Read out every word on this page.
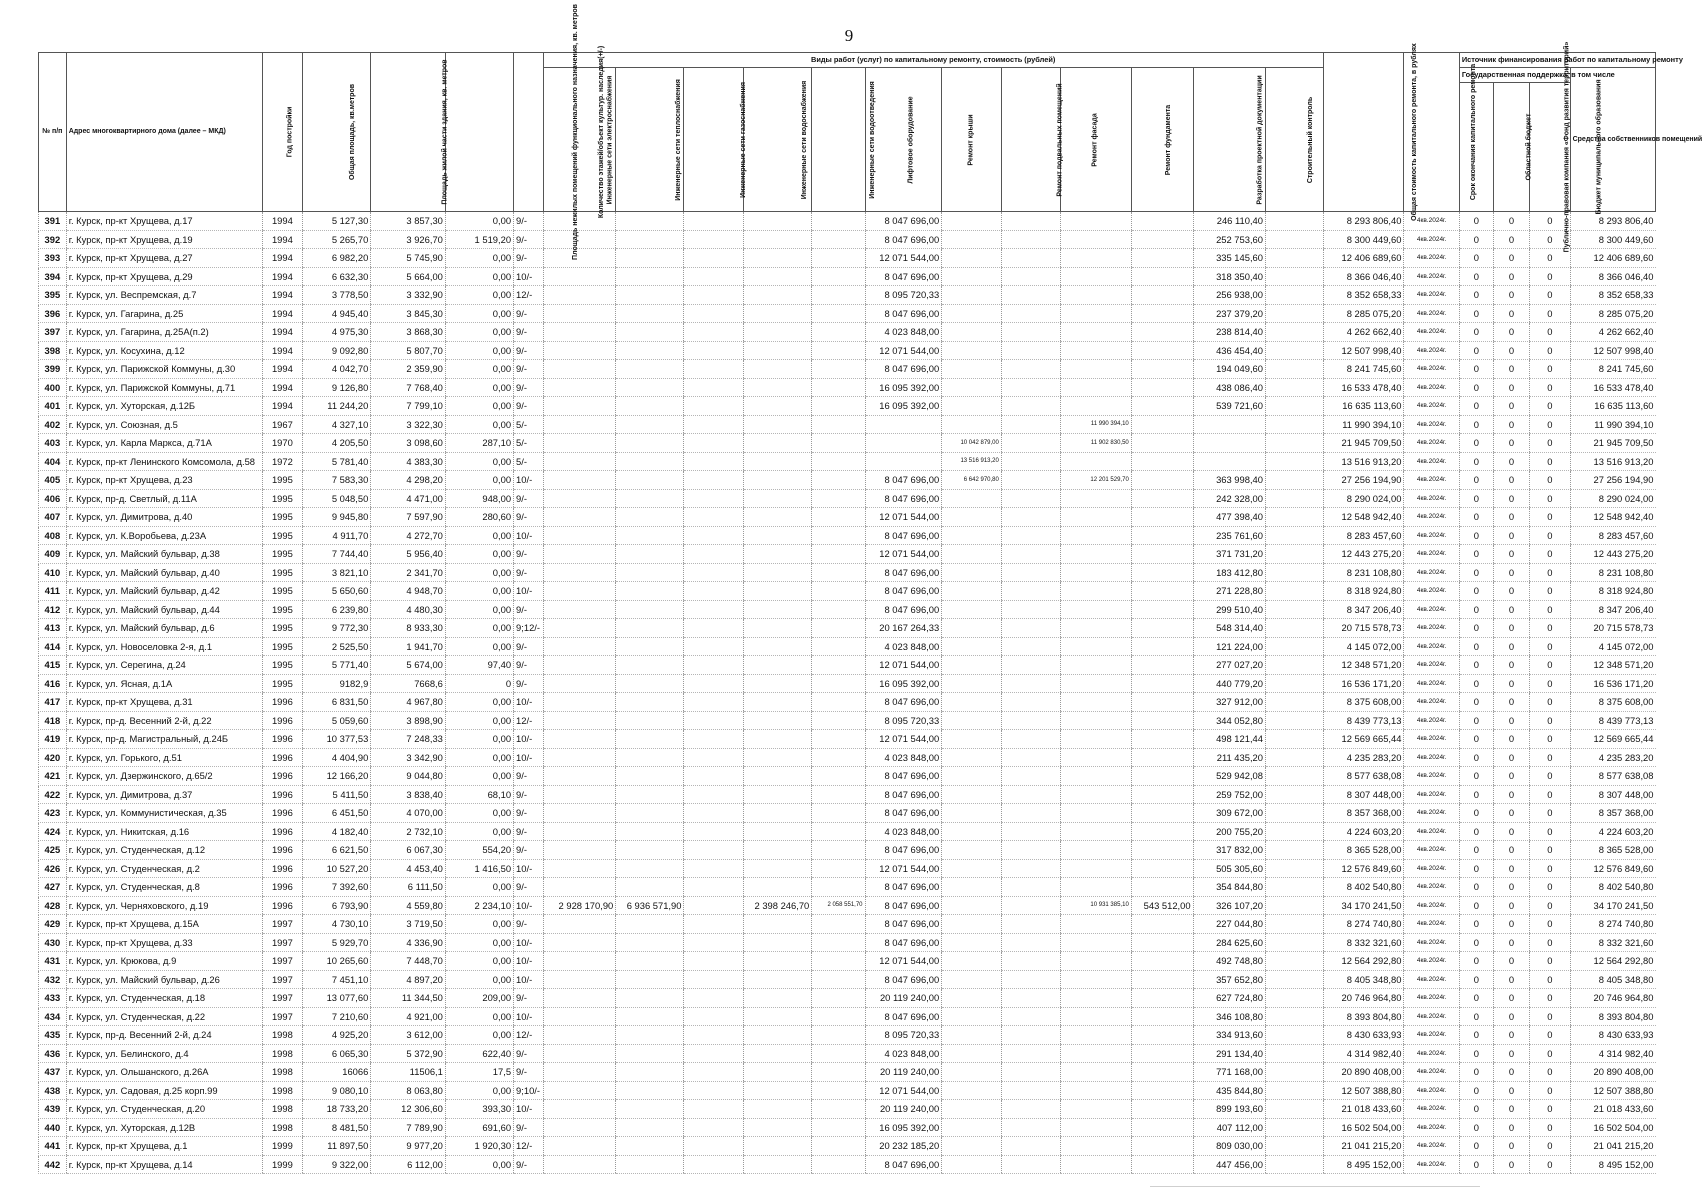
9
№ п/п	Адрес многоквартирного дома (далее – МКД)	Год постройки	Общая площадь, кв.метров	Площадь жилой части здания, кв. метров	Площадь нежилых помещений функционального назначения, кв. метров	Количество этажей/объект культур. наследия(+/-)	Виды работ (услуг) по капитальному ремонту, стоимость (рублей)												Общая стоимость капитального ремонта, в рублях	Срок окончания капитального ремонта	Источник финансирования работ по капитальному ремонту			
							Инженерные сети электроснабжения	Инженерные сети теплоснабжения	Инженерные сети газоснабжения	Инженерные сети водоснабжения	Инженерные сети водоотведения	Лифтовое оборудование	Ремонт крыши	Ремонт подвальных помещений	Ремонт фасада	Ремонт фундамента	Разработка проектной документации	Строительный контроль			Государственная поддержка, в том числе			Средства собственников помещений
																					Публично-правовая компания «Фонд развития территорий»	Областной бюджет	Бюджет муниципального образования	
391	г. Курск, пр-кт Хрущева, д.17	1994	5 127,30	3 857,30	0,00	9/-						8 047 696,00					246 110,40		8 293 806,40	4кв.2024г.	0	0	0	8 293 806,40
392	г. Курск, пр-кт Хрущева, д.19	1994	5 265,70	3 926,70	1 519,20	9/-						8 047 696,00					252 753,60		8 300 449,60	4кв.2024г.	0	0	0	8 300 449,60
393	г. Курск, пр-кт Хрущева, д.27	1994	6 982,20	5 745,90	0,00	9/-						12 071 544,00					335 145,60		12 406 689,60	4кв.2024г.	0	0	0	12 406 689,60
394	г. Курск, пр-кт Хрущева, д.29	1994	6 632,30	5 664,00	0,00	10/-						8 047 696,00					318 350,40		8 366 046,40	4кв.2024г.	0	0	0	8 366 046,40
395	г. Курск, ул. Веспремская, д.7	1994	3 778,50	3 332,90	0,00	12/-						8 095 720,33					256 938,00		8 352 658,33	4кв.2024г.	0	0	0	8 352 658,33
396	г. Курск, ул. Гагарина, д.25	1994	4 945,40	3 845,30	0,00	9/-						8 047 696,00					237 379,20		8 285 075,20	4кв.2024г.	0	0	0	8 285 075,20
397	г. Курск, ул. Гагарина, д.25А(п.2)	1994	4 975,30	3 868,30	0,00	9/-						4 023 848,00					238 814,40		4 262 662,40	4кв.2024г.	0	0	0	4 262 662,40
398	г. Курск, ул. Косухина, д.12	1994	9 092,80	5 807,70	0,00	9/-						12 071 544,00					436 454,40		12 507 998,40	4кв.2024г.	0	0	0	12 507 998,40
399	г. Курск, ул. Парижской Коммуны, д.30	1994	4 042,70	2 359,90	0,00	9/-						8 047 696,00					194 049,60		8 241 745,60	4кв.2024г.	0	0	0	8 241 745,60
400	г. Курск, ул. Парижской Коммуны, д.71	1994	9 126,80	7 768,40	0,00	9/-						16 095 392,00					438 086,40		16 533 478,40	4кв.2024г.	0	0	0	16 533 478,40
401	г. Курск, ул. Хуторская, д.12Б	1994	11 244,20	7 799,10	0,00	9/-						16 095 392,00					539 721,60		16 635 113,60	4кв.2024г.	0	0	0	16 635 113,60
402	г. Курск, ул. Союзная, д.5	1967	4 327,10	3 322,30	0,00	5/-									11 990 394,10				11 990 394,10	4кв.2024г.	0	0	0	11 990 394,10
403	г. Курск, ул. Карла Маркса, д.71А	1970	4 205,50	3 098,60	287,10	5/-							10 042 879,00		11 902 830,50				21 945 709,50	4кв.2024г.	0	0	0	21 945 709,50
404	г. Курск, пр-кт Ленинского Комсомола, д.58	1972	5 781,40	4 383,30	0,00	5/-							13 516 913,20						13 516 913,20	4кв.2024г.	0	0	0	13 516 913,20
405	г. Курск, пр-кт Хрущева, д.23	1995	7 583,30	4 298,20	0,00	10/-						8 047 696,00	6 642 970,80		12 201 529,70		363 998,40		27 256 194,90	4кв.2024г.	0	0	0	27 256 194,90
406	г. Курск, пр-д. Светлый, д.11А	1995	5 048,50	4 471,00	948,00	9/-						8 047 696,00					242 328,00		8 290 024,00	4кв.2024г.	0	0	0	8 290 024,00
407	г. Курск, ул. Димитрова, д.40	1995	9 945,80	7 597,90	280,60	9/-						12 071 544,00					477 398,40		12 548 942,40	4кв.2024г.	0	0	0	12 548 942,40
408	г. Курск, ул. К.Воробьева, д.23А	1995	4 911,70	4 272,70	0,00	10/-						8 047 696,00					235 761,60		8 283 457,60	4кв.2024г.	0	0	0	8 283 457,60
409	г. Курск, ул. Майский бульвар, д.38	1995	7 744,40	5 956,40	0,00	9/-						12 071 544,00					371 731,20		12 443 275,20	4кв.2024г.	0	0	0	12 443 275,20
410	г. Курск, ул. Майский бульвар, д.40	1995	3 821,10	2 341,70	0,00	9/-						8 047 696,00					183 412,80		8 231 108,80	4кв.2024г.	0	0	0	8 231 108,80
411	г. Курск, ул. Майский бульвар, д.42	1995	5 650,60	4 948,70	0,00	10/-						8 047 696,00					271 228,80		8 318 924,80	4кв.2024г.	0	0	0	8 318 924,80
412	г. Курск, ул. Майский бульвар, д.44	1995	6 239,80	4 480,30	0,00	9/-						8 047 696,00					299 510,40		8 347 206,40	4кв.2024г.	0	0	0	8 347 206,40
413	г. Курск, ул. Майский бульвар, д.6	1995	9 772,30	8 933,30	0,00	9;12/-						20 167 264,33					548 314,40		20 715 578,73	4кв.2024г.	0	0	0	20 715 578,73
414	г. Курск, ул. Новоселовка 2-я, д.1	1995	2 525,50	1 941,70	0,00	9/-						4 023 848,00					121 224,00		4 145 072,00	4кв.2024г.	0	0	0	4 145 072,00
415	г. Курск, ул. Серегина, д.24	1995	5 771,40	5 674,00	97,40	9/-						12 071 544,00					277 027,20		12 348 571,20	4кв.2024г.	0	0	0	12 348 571,20
416	г. Курск, ул. Ясная, д.1А	1995	9182,9	7668,6	0	9/-						16 095 392,00					440 779,20		16 536 171,20	4кв.2024г.	0	0	0	16 536 171,20
417	г. Курск, пр-кт Хрущева, д.31	1996	6 831,50	4 967,80	0,00	10/-						8 047 696,00					327 912,00		8 375 608,00	4кв.2024г.	0	0	0	8 375 608,00
418	г. Курск, пр-д. Весенний 2-й, д.22	1996	5 059,60	3 898,90	0,00	12/-						8 095 720,33					344 052,80		8 439 773,13	4кв.2024г.	0	0	0	8 439 773,13
419	г. Курск, пр-д. Магистральный, д.24Б	1996	10 377,53	7 248,33	0,00	10/-						12 071 544,00					498 121,44		12 569 665,44	4кв.2024г.	0	0	0	12 569 665,44
420	г. Курск, ул. Горького, д.51	1996	4 404,90	3 342,90	0,00	10/-						4 023 848,00					211 435,20		4 235 283,20	4кв.2024г.	0	0	0	4 235 283,20
421	г. Курск, ул. Дзержинского, д.65/2	1996	12 166,20	9 044,80	0,00	9/-						8 047 696,00					529 942,08		8 577 638,08	4кв.2024г.	0	0	0	8 577 638,08
422	г. Курск, ул. Димитрова, д.37	1996	5 411,50	3 838,40	68,10	9/-						8 047 696,00					259 752,00		8 307 448,00	4кв.2024г.	0	0	0	8 307 448,00
423	г. Курск, ул. Коммунистическая, д.35	1996	6 451,50	4 070,00	0,00	9/-						8 047 696,00					309 672,00		8 357 368,00	4кв.2024г.	0	0	0	8 357 368,00
424	г. Курск, ул. Никитская, д.16	1996	4 182,40	2 732,10	0,00	9/-						4 023 848,00					200 755,20		4 224 603,20	4кв.2024г.	0	0	0	4 224 603,20
425	г. Курск, ул. Студенческая, д.12	1996	6 621,50	6 067,30	554,20	9/-						8 047 696,00					317 832,00		8 365 528,00	4кв.2024г.	0	0	0	8 365 528,00
426	г. Курск, ул. Студенческая, д.2	1996	10 527,20	4 453,40	1 416,50	10/-						12 071 544,00					505 305,60		12 576 849,60	4кв.2024г.	0	0	0	12 576 849,60
427	г. Курск, ул. Студенческая, д.8	1996	7 392,60	6 111,50	0,00	9/-						8 047 696,00					354 844,80		8 402 540,80	4кв.2024г.	0	0	0	8 402 540,80
428	г. Курск, ул. Черняховского, д.19	1996	6 793,90	4 559,80	2 234,10	10/-	2 928 170,90	6 936 571,90		2 398 246,70	2 058 551,70	8 047 696,00			10 931 385,10	543 512,00	326 107,20		34 170 241,50	4кв.2024г.	0	0	0	34 170 241,50
429	г. Курск, пр-кт Хрущева, д.15А	1997	4 730,10	3 719,50	0,00	9/-						8 047 696,00					227 044,80		8 274 740,80	4кв.2024г.	0	0	0	8 274 740,80
430	г. Курск, пр-кт Хрущева, д.33	1997	5 929,70	4 336,90	0,00	10/-						8 047 696,00					284 625,60		8 332 321,60	4кв.2024г.	0	0	0	8 332 321,60
431	г. Курск, ул. Крюкова, д.9	1997	10 265,60	7 448,70	0,00	10/-						12 071 544,00					492 748,80		12 564 292,80	4кв.2024г.	0	0	0	12 564 292,80
432	г. Курск, ул. Майский бульвар, д.26	1997	7 451,10	4 897,20	0,00	10/-						8 047 696,00					357 652,80		8 405 348,80	4кв.2024г.	0	0	0	8 405 348,80
433	г. Курск, ул. Студенческая, д.18	1997	13 077,60	11 344,50	209,00	9/-						20 119 240,00					627 724,80		20 746 964,80	4кв.2024г.	0	0	0	20 746 964,80
434	г. Курск, ул. Студенческая, д.22	1997	7 210,60	4 921,00	0,00	10/-						8 047 696,00					346 108,80		8 393 804,80	4кв.2024г.	0	0	0	8 393 804,80
435	г. Курск, пр-д. Весенний 2-й, д.24	1998	4 925,20	3 612,00	0,00	12/-						8 095 720,33					334 913,60		8 430 633,93	4кв.2024г.	0	0	0	8 430 633,93
436	г. Курск, ул. Белинского, д.4	1998	6 065,30	5 372,90	622,40	9/-						4 023 848,00					291 134,40		4 314 982,40	4кв.2024г.	0	0	0	4 314 982,40
437	г. Курск, ул. Ольшанского, д.26А	1998	16066	11506,1	17,5	9/-						20 119 240,00					771 168,00		20 890 408,00	4кв.2024г.	0	0	0	20 890 408,00
438	г. Курск, ул. Садовая, д.25 корп.99	1998	9 080,10	8 063,80	0,00	9;10/-						12 071 544,00					435 844,80		12 507 388,80	4кв.2024г.	0	0	0	12 507 388,80
439	г. Курск, ул. Студенческая, д.20	1998	18 733,20	12 306,60	393,30	10/-						20 119 240,00					899 193,60		21 018 433,60	4кв.2024г.	0	0	0	21 018 433,60
440	г. Курск, ул. Хуторская, д.12В	1998	8 481,50	7 789,90	691,60	9/-						16 095 392,00					407 112,00		16 502 504,00	4кв.2024г.	0	0	0	16 502 504,00
441	г. Курск, пр-кт Хрущева, д.1	1999	11 897,50	9 977,20	1 920,30	12/-						20 232 185,20					809 030,00		21 041 215,20	4кв.2024г.	0	0	0	21 041 215,20
442	г. Курск, пр-кт Хрущева, д.14	1999	9 322,00	6 112,00	0,00	9/-						8 047 696,00					447 456,00		8 495 152,00	4кв.2024г.	0	0	0	8 495 152,00
